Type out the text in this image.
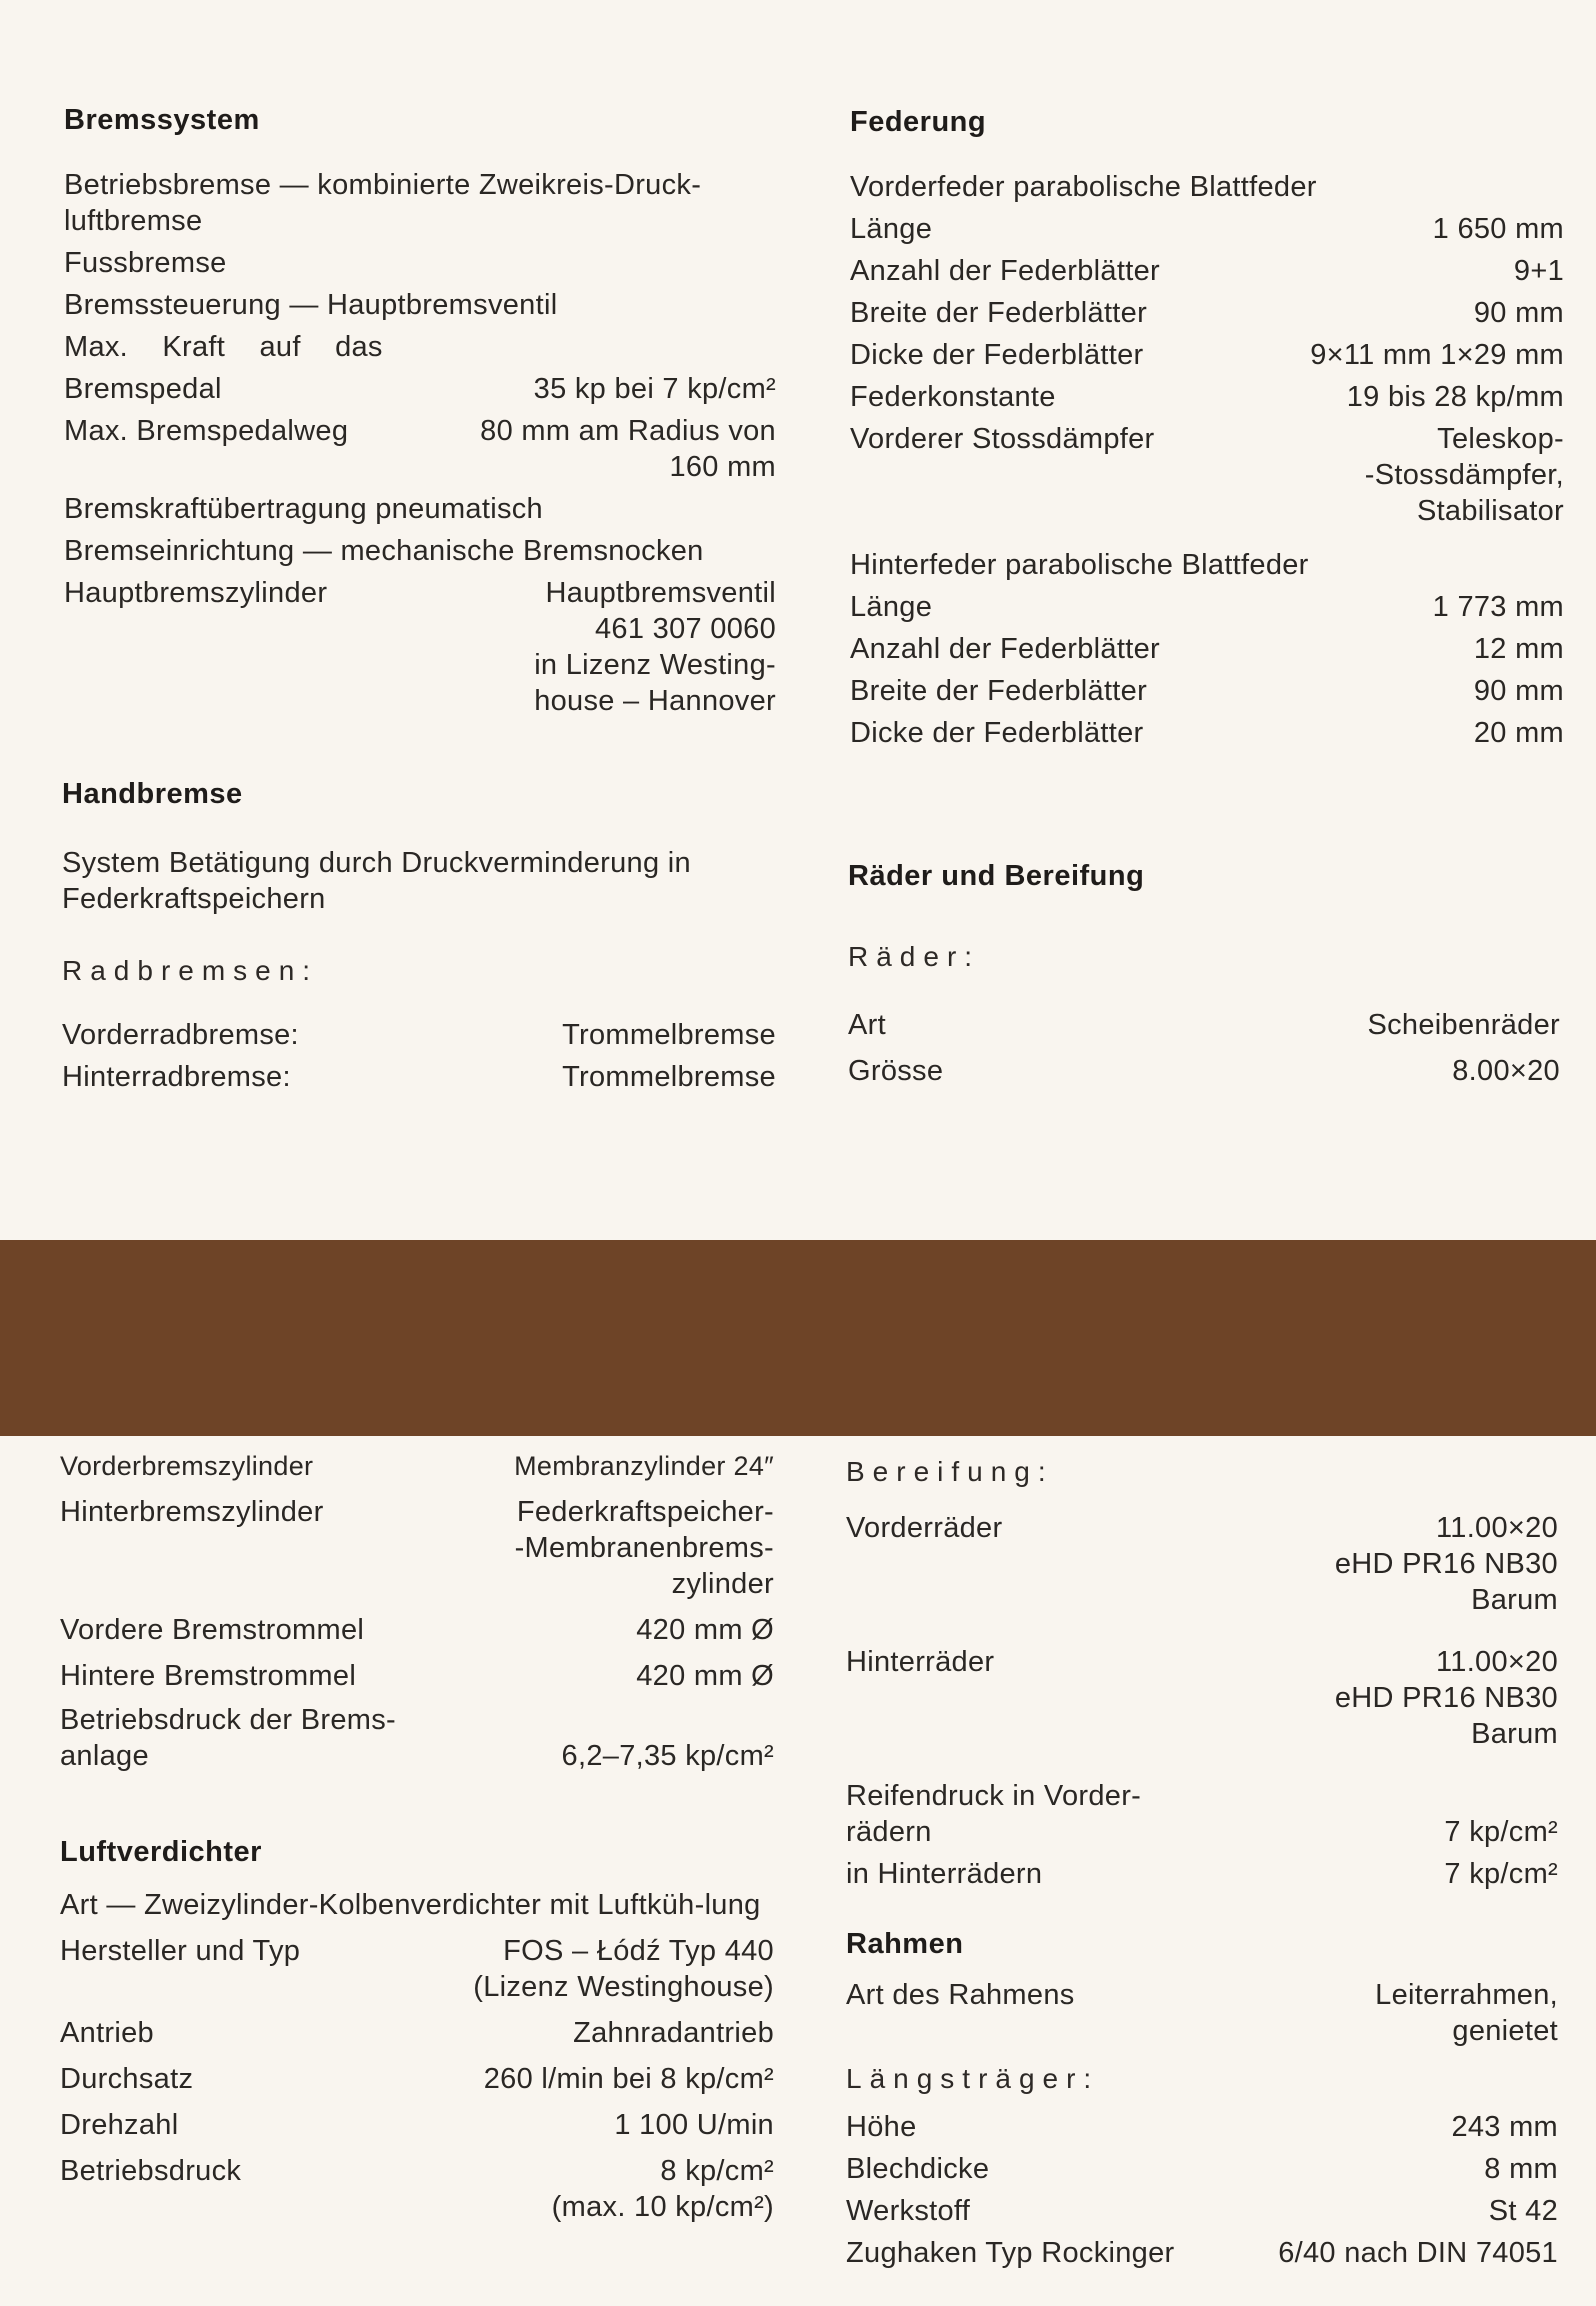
Bremssystem
Betriebsbremse — kombinierte Zweikreis-Druck-luftbremse
Fussbremse
Bremssteuerung — Hauptbremsventil
Max. Kraft auf das
Bremspedal	35 kp bei 7 kp/cm²
Max. Bremspedalweg	80 mm am Radius von
160 mm
Bremskraftübertragung pneumatisch
Bremseinrichtung — mechanische Bremsnocken
Hauptbremszylinder	Hauptbremsventil
461 307 0060
in Lizenz Westing-
house – Hannover
Handbremse
System Betätigung durch Druckverminderung in Federkraftspeichern
Radbremsen:
Vorderradbremse:	Trommelbremse
Hinterradbremse:	Trommelbremse
Federung
Vorderfeder parabolische Blattfeder
Länge	1 650 mm
Anzahl der Federblätter	9+1
Breite der Federblätter	90 mm
Dicke der Federblätter	9×11 mm 1×29 mm
Federkonstante	19 bis 28 kp/mm
Vorderer Stossdämpfer	Teleskop-
-Stossdämpfer,
Stabilisator
Hinterfeder parabolische Blattfeder
Länge	1 773 mm
Anzahl der Federblätter	12 mm
Breite der Federblätter	90 mm
Dicke der Federblätter	20 mm
Räder und Bereifung
Räder:
Art	Scheibenräder
Grösse	8.00×20
Vorderbremszylinder	Membranzylinder 24″
Hinterbremszylinder	Federkraftspeicher-
-Membranenbrems-
zylinder
Vordere Bremstrommel	420 mm Ø
Hintere Bremstrommel	420 mm Ø
Betriebsdruck der Brems-
anlage	6,2–7,35 kp/cm²
Luftverdichter
Art — Zweizylinder-Kolbenverdichter mit Luftküh-lung
Hersteller und Typ	FOS – Łódź Typ 440
(Lizenz Westinghouse)
Antrieb	Zahnradantrieb
Durchsatz	260 l/min bei 8 kp/cm²
Drehzahl	1 100 U/min
Betriebsdruck	8 kp/cm²
(max. 10 kp/cm²)
Bereifung:
Vorderräder	11.00×20
eHD PR16 NB30
Barum
Hinterräder	11.00×20
eHD PR16 NB30
Barum
Reifendruck in Vorder-
rädern	7 kp/cm²
in Hinterrädern	7 kp/cm²
Rahmen
Art des Rahmens	Leiterrahmen,
genietet
Längsträger:
Höhe	243 mm
Blechdicke	8 mm
Werkstoff	St 42
Zughaken Typ Rockinger	6/40 nach DIN 74051
